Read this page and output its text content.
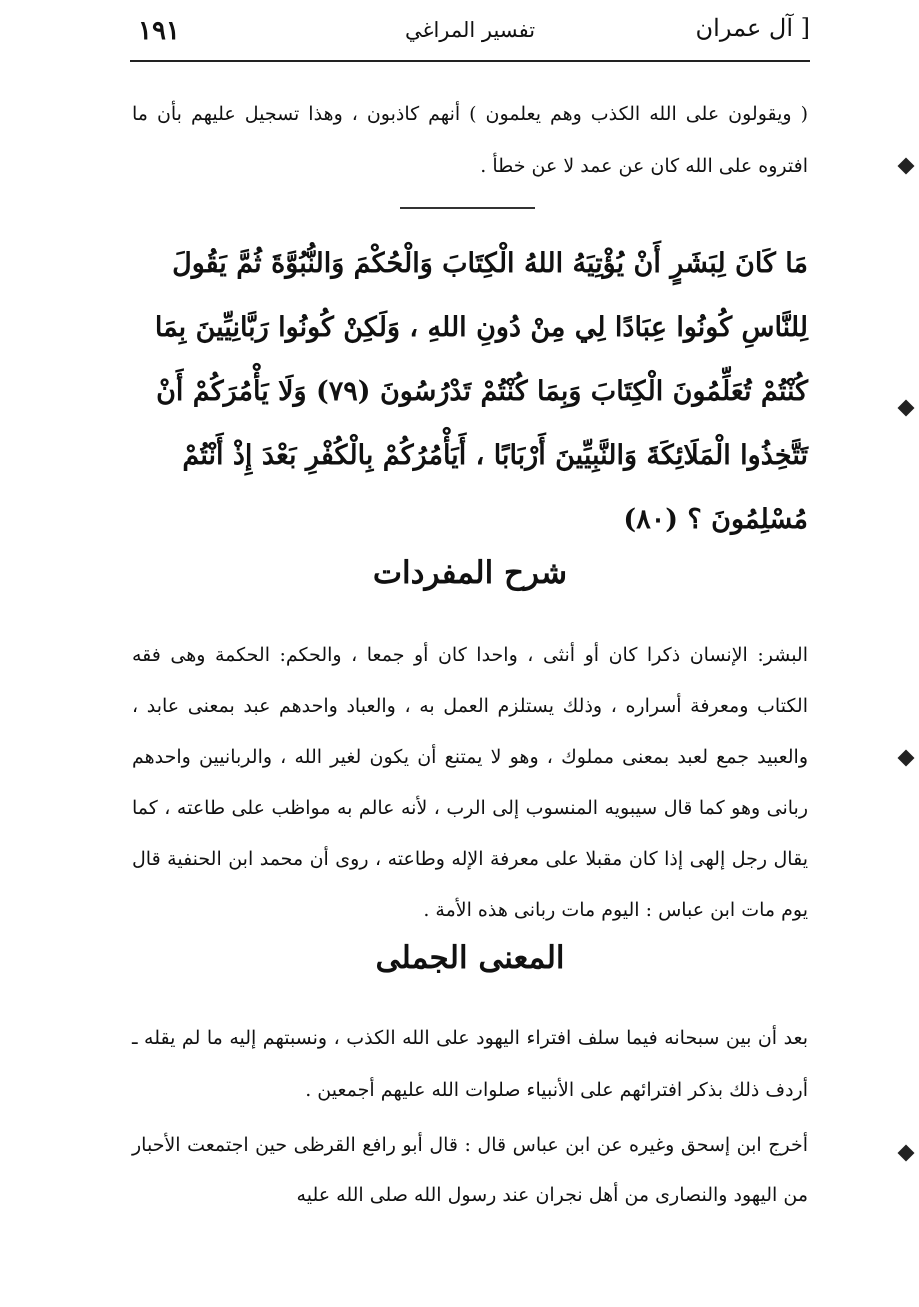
١٩١	تفسير المراغي	آل عمران ]

( ويقولون على الله الكذب وهم يعلمون ) أنهم كاذبون ، وهذا تسجيل عليهم بأن ما افتروه على الله كان عن عمد لا عن خطأ .

مَا كَانَ لِبَشَرٍ أَنْ يُؤْتِيَهُ اللهُ الْكِتَابَ وَالْحُكْمَ وَالنُّبُوَّةَ ثُمَّ يَقُولَ لِلنَّاسِ كُونُوا عِبَادًا لِي مِنْ دُونِ اللهِ ، وَلَكِنْ كُونُوا رَبَّانِيِّينَ بِمَا كُنْتُمْ تُعَلِّمُونَ الْكِتَابَ وَبِمَا كُنْتُمْ تَدْرُسُونَ (٧٩) وَلَا يَأْمُرَكُمْ أَنْ تَتَّخِذُوا الْمَلَائِكَةَ وَالنَّبِيِّينَ أَرْبَابًا ، أَيَأْمُرُكُمْ بِالْكُفْرِ بَعْدَ إِذْ أَنْتُمْ مُسْلِمُونَ ؟ (٨٠)

شرح المفردات

البشر: الإنسان ذكرا كان أو أنثى ، واحدا كان أو جمعا ، والحكم: الحكمة وهى فقه الكتاب ومعرفة أسراره ، وذلك يستلزم العمل به ، والعباد واحدهم عبد بمعنى عابد ، والعبيد جمع لعبد بمعنى مملوك ، وهو لا يمتنع أن يكون لغير الله ، والربانيين واحدهم ربانى وهو كما قال سيبويه المنسوب إلى الرب ، لأنه عالم به مواظب على طاعته ، كما يقال رجل إلهى إذا كان مقبلا على معرفة الإله وطاعته ، روى أن محمد ابن الحنفية قال يوم مات ابن عباس : اليوم مات ربانى هذه الأمة .

المعنى الجملى

بعد أن بين سبحانه فيما سلف افتراء اليهود على الله الكذب ، ونسبتهم إليه ما لم يقله ـ أردف ذلك بذكر افترائهم على الأنبياء صلوات الله عليهم أجمعين .

أخرج ابن إسحق وغيره عن ابن عباس قال : قال أبو رافع القرظى حين اجتمعت الأحبار من اليهود والنصارى من أهل نجران عند رسول الله صلى الله عليه
